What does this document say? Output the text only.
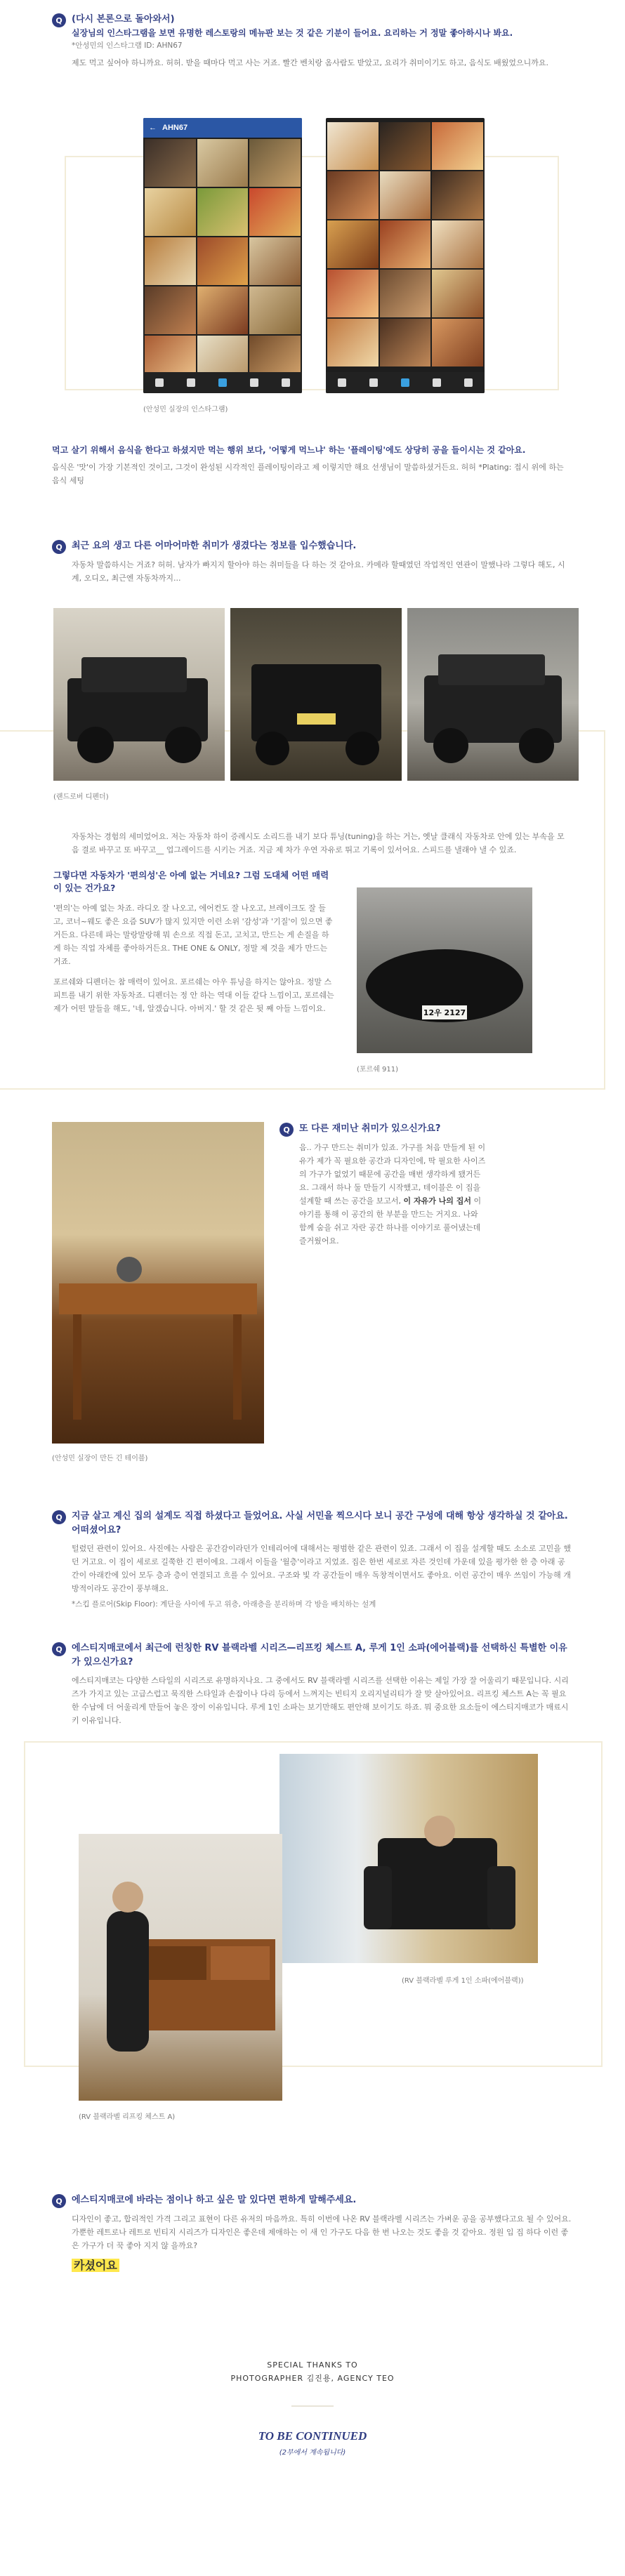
Q	(다시 본론으로 돌아와서)
실장님의 인스타그램을 보면 유명한 레스토랑의 메뉴판 보는 것 같은 기분이 들어요. 요리하는 거 정말 좋아하시나 봐요.
*안성민의 인스타그램 ID: AHN67
제도 먹고 싶어야 하니까요. 허허. 받을 때마다 먹고 사는 거죠. 빨간 벤치랑 옴사람도 받았고, 요리가 취미이기도 하고, 음식도 배웠었으니까요.
← AHN67
(안성민 실장의 인스타그램)
먹고 살기 위해서 음식을 한다고 하셨지만 먹는 행위 보다, '어떻게 먹느냐' 하는 '플레이팅'에도 상당히 공을 들이시는 것 같아요.
음식은 '맛'이 가장 기본적인 것이고, 그것이 완성된 시각적인 플레이팅이라고 제 이렇지만 해요 선생님이 말씀하셨거든요. 허허 *Plating: 접시 위에 하는 음식 세팅
Q	최근 요의 생고 다른 어마어마한 취미가 생겼다는 정보를 입수했습니다.
자동차 말씀하시는 거죠? 허허. 남자가 빠지지 할아야 하는 취미들을 다 하는 것 같아요. 카메라 할때였던 작업적인 연관이 말했나라 그렇다 해도, 시계, 오디오, 최근엔 자동차까지...
(랜드로버 디펜더)
자동차는 경험의 세미었어요. 저는 자동차 하이 증례시도 소리드를 내기 보다 튜닝(tuning)을 하는 거는, 옛날 클래식 자동차로 안에 있는 부속을 모음 결로 바꾸고 또 바꾸고__ 업그레이드를 시키는 거죠. 지금 제 차가 우연 자유로 뛰고 기록이 있서어요. 스피드를 낼래야 낼 수 있죠.
그렇다면 자동차가 '편의성'은 아예 없는 거네요? 그럼 도대체 어떤 매력이 있는 건가요?
'편의'는 아예 없는 차죠. 라디오 잘 나오고, 에어컨도 잘 나오고, 브레이크도 잘 들고, 코너~웨도 좋은 요즘 SUV가 많지 있지만 이런 소위 '감성'과 '기질'이 있으면 좋거든요. 다른데 파는 말랑말랑해 뭐 손으로 직접 돈고, 고치고, 만드는 게 손질을 하게 하는 직업 자체를 좋아하거든요. THE ONE & ONLY, 정말 제 것을 제가 만드는 거죠.
포르쉐와 디펜더는 참 매력이 있어요. 포르쉐는 아우 튜닝을 하지는 않아요. 정말 스피트를 내기 위한 자동차죠. 디펜더는 정 안 하는 역대 이들 같다 느낌이고, 포르쉐는 제가 어떤 말들을 해도, '네, 알겠습니다. 아버지.' 할 것 같은 뒷 째 아들 느낌이요.	12우 2127
(포르쉐 911)
(안성민 실장이 만든 긴 테이블)
Q	또 다른 재미난 취미가 있으신가요?
음.. 가구 만드는 취미가 있죠. 가구를 처음 만들게 된 이유가 제가 꼭 필요한 공간과 디자인에, 딱 필요한 사이즈의 가구가 없었기 때문에 공간을 매번 생각하게 됐거든요. 그래서 하나 둘 만들기 시작했고, 테이블은 이 집을 설계할 때 쓰는 공간을 보고서, 이 자유가 나의 집서 이야기를 통해 이 공간의 한 부분을 만드는 거지요. 나와 함께 숨을 쉬고 자란 공간 하나를 이야기로 풀어냈는데 즐거웠어요.
Q	지금 살고 계신 집의 설계도 직접 하셨다고 들었어요. 사실 서민을 찍으시다 보니 공간 구성에 대해 항상 생각하실 것 같아요. 어떠셨어요?
털렸던 관련이 있어요. 사진에는 사람은 공간감이라던가 인테리어에 대해서는 평범한 같은 관련이 있죠. 그래서 이 집을 설계할 때도 소소로 고민을 했던 거고요. 이 집이 세로로 길쭉한 긴 편이에요. 그래서 이들을 '월층'이라고 지었죠. 집은 한번 세로로 자른 것인데 가운데 있을 평가한 한 층 아래 공간이 아래칸에 있어 모두 층과 층이 연결되고 흐를 수 있어요. 구조와 빛 각 공간들이 매우 독창적이면서도 좋아요. 이런 공간이 매우 쓰임이 가능해 개방적이라도 공간이 풍부해요.
*스킵 플로어(Skip Floor): 계단을 사이에 두고 위층, 아래층을 분리하며 각 방을 배치하는 설계
Q	에스티지매코에서 최근에 런칭한 RV 블랙라벨 시리즈—리프킹 체스트 A, 루게 1인 소파(에어블랙)를 선택하신 특별한 이유가 있으신가요?
에스티지매코는 다양한 스타일의 시리즈로 유명하지나요. 그 중에서도 RV 블랙라벨 시리즈를 선택한 이유는 제일 가장 잘 어울리기 때문입니다. 시리즈가 가지고 있는 고급스럽고 묵직한 스타일과 손잡이나 다리 등에서 느껴지는 빈티지 오리지널리티가 잘 맞 살아있어요. 리프킹 체스트 A는 꼭 필요한 수납에 더 어울리게 만들어 놓은 장이 이유입니다. 루게 1인 소파는 보기만해도 편안해 보이기도 하죠. 뭐 중요한 요소들이 에스티지매코가 매료시키 이유입니다.
(RV 블랙라벨 루게 1인 소파(에어블랙))
(RV 블랙라벨 리프킹 체스트 A)
Q	에스티지매코에 바라는 점이나 하고 싶은 말 있다면 편하게 말해주세요.
디자인이 좋고, 합리적인 가격 그리고 표현이 다른 유저의 마음까요. 특히 이번에 나온 RV 블랙라벨 시리즈는 가벼운 공을 공부했다고요 될 수 있어요. 가뿐한 레트로나 레트로 빈티지 시리즈가 디자인은 좋은데 제애하는 이 새 인 가구도 다음 한 번 나오는 것도 좋을 것 같아요. 정원 입 집 하다 이런 좋은 가구가 더 꾹 좋아 지지 않 을까요?
카셨어요
SPECIAL THANKS TO
PHOTOGRAPHER 김진용, AGENCY TEO
TO BE CONTINUED
(2부에서 계속됩니다)
